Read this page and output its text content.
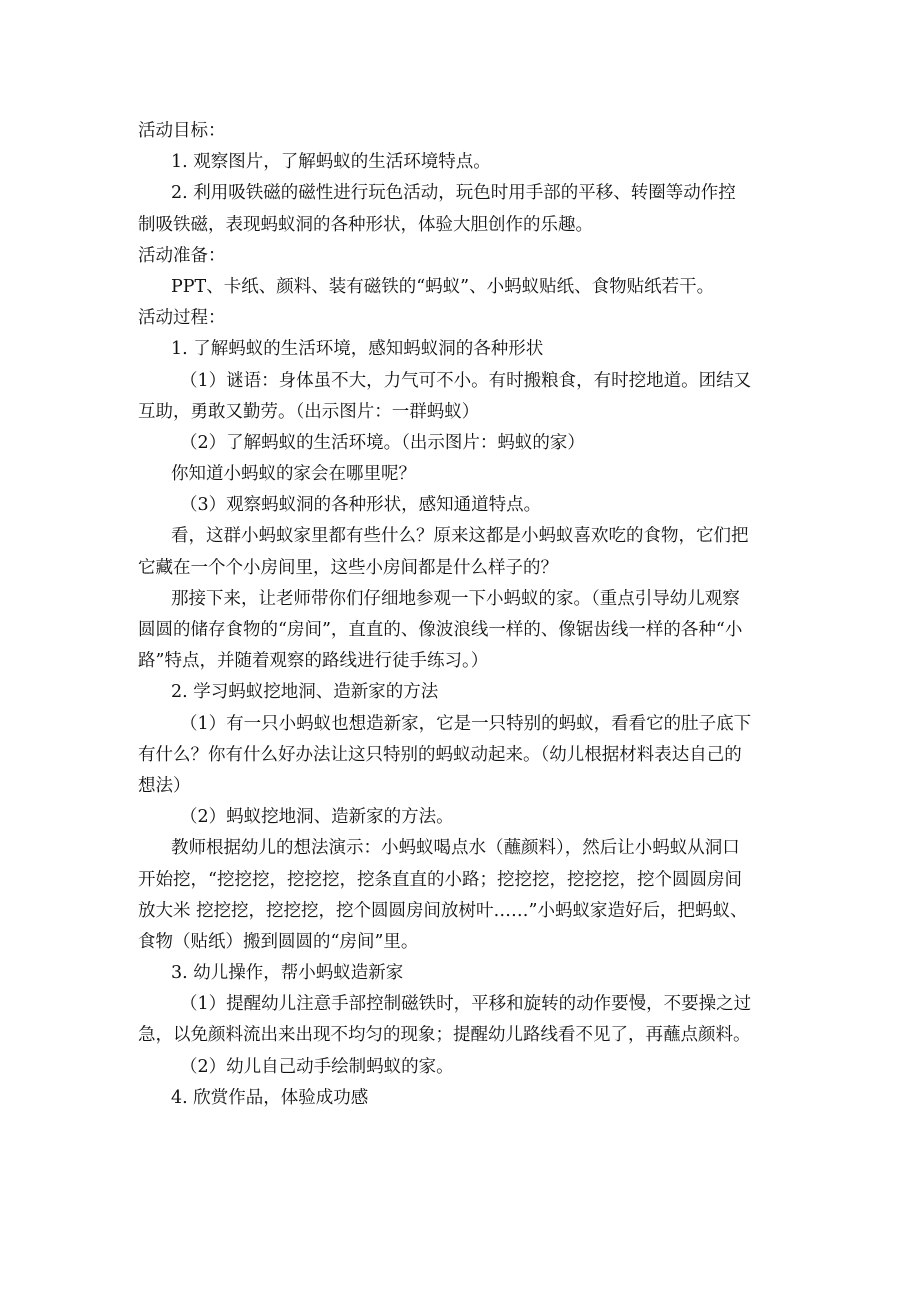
活动目标：
1. 观察图片，了解蚂蚁的生活环境特点。
2. 利用吸铁磁的磁性进行玩色活动，玩色时用手部的平移、转圈等动作控
制吸铁磁，表现蚂蚁洞的各种形状，体验大胆创作的乐趣。
活动准备：
PPT、卡纸、颜料、装有磁铁的“蚂蚁”、小蚂蚁贴纸、食物贴纸若干。
活动过程：
1. 了解蚂蚁的生活环境，感知蚂蚁洞的各种形状
（1）谜语：身体虽不大，力气可不小。有时搬粮食，有时挖地道。团结又
互助，勇敢又勤劳。（出示图片：一群蚂蚁）
（2）了解蚂蚁的生活环境。（出示图片：蚂蚁的家）
你知道小蚂蚁的家会在哪里呢？
（3）观察蚂蚁洞的各种形状，感知通道特点。
看，这群小蚂蚁家里都有些什么？原来这都是小蚂蚁喜欢吃的食物，它们把
它藏在一个个小房间里，这些小房间都是什么样子的？
那接下来，让老师带你们仔细地参观一下小蚂蚁的家。（重点引导幼儿观察
圆圆的储存食物的“房间”，直直的、像波浪线一样的、像锯齿线一样的各种“小
路”特点，并随着观察的路线进行徒手练习。）
2. 学习蚂蚁挖地洞、造新家的方法
（1）有一只小蚂蚁也想造新家，它是一只特别的蚂蚁，看看它的肚子底下
有什么？你有什么好办法让这只特别的蚂蚁动起来。（幼儿根据材料表达自己的
想法）
（2）蚂蚁挖地洞、造新家的方法。
教师根据幼儿的想法演示：小蚂蚁喝点水（蘸颜料），然后让小蚂蚁从洞口
开始挖，“挖挖挖，挖挖挖，挖条直直的小路；挖挖挖，挖挖挖，挖个圆圆房间
放大米 挖挖挖，挖挖挖，挖个圆圆房间放树叶……”小蚂蚁家造好后，把蚂蚁、
食物（贴纸）搬到圆圆的“房间”里。
3. 幼儿操作，帮小蚂蚁造新家
（1）提醒幼儿注意手部控制磁铁时，平移和旋转的动作要慢，不要操之过
急，以免颜料流出来出现不均匀的现象；提醒幼儿路线看不见了，再蘸点颜料。
（2）幼儿自己动手绘制蚂蚁的家。
4. 欣赏作品，体验成功感
